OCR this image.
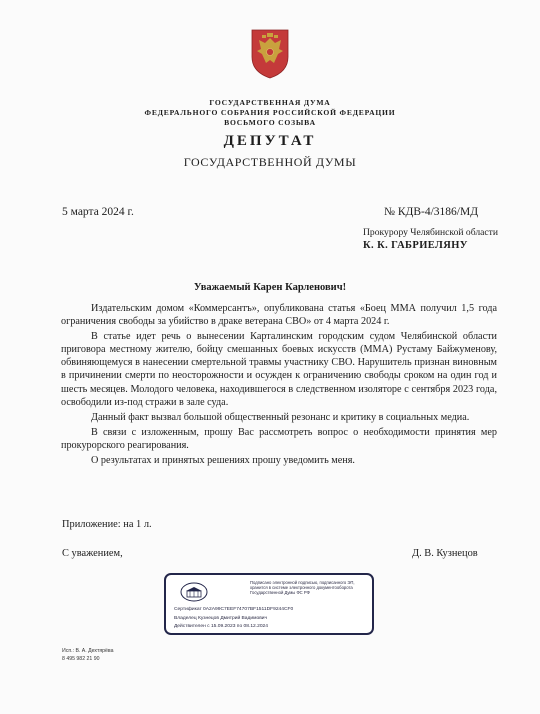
ГОСУДАРСТВЕННАЯ ДУМА
ФЕДЕРАЛЬНОГО СОБРАНИЯ РОССИЙСКОЙ ФЕДЕРАЦИИ
ВОСЬМОГО СОЗЫВА
ДЕПУТАТ
ГОСУДАРСТВЕННОЙ ДУМЫ
5 марта 2024 г.	№ КДВ-4/3186/МД
Прокурору Челябинской области
К. К. ГАБРИЕЛЯНУ
Уважаемый Карен Карленович!

Издательским домом «Коммерсантъ», опубликована статья «Боец ММА получил 1,5 года ограничения свободы за убийство в драке ветерана СВО» от 4 марта 2024 г.

В статье идет речь о вынесении Карталинским городским судом Челябинской области приговора местному жителю, бойцу смешанных боевых искусств (ММА) Рустаму Байжуменову, обвиняющемуся в нанесении смертельной травмы участнику СВО. Нарушитель признан виновным в причинении смерти по неосторожности и осужден к ограничению свободы сроком на один год и шесть месяцев. Молодого человека, находившегося в следственном изоляторе с сентября 2023 года, освободили из-под стражи в зале суда.

Данный факт вызвал большой общественный резонанс и критику в социальных медиа.

В связи с изложенным, прошу Вас рассмотреть вопрос о необходимости принятия мер прокурорского реагирования.

О результатах и принятых решениях прошу уведомить меня.

Приложение: на 1 л.
С уважением,	Д. В. Кузнецов
Подписано электронной подписью, подписанного ЭП, хранится в системе электронного документооборота Государственной Думы ФС РФ
Сертификат 0A2A99C7EEF74707BF1511DF9244CF0
Владелец Кузнецов Дмитрий Вадимович
Действителен с 15.09.2023 по 08.12.2024
Исп.: В. А. Дехтярёва
8 495 982 21 90
